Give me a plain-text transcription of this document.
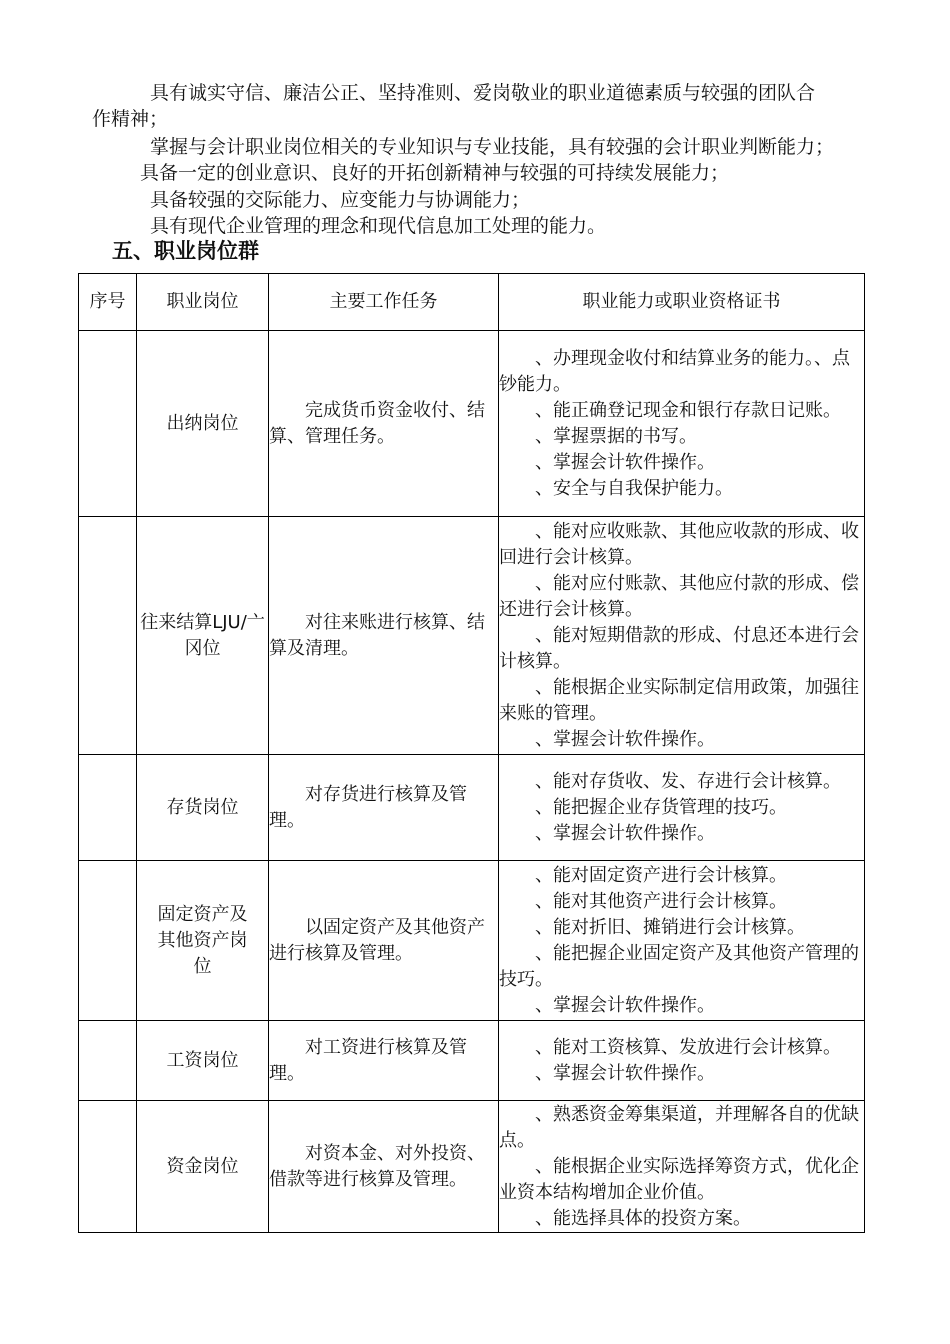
具有诚实守信、廉洁公正、坚持准则、爱岗敬业的职业道德素质与较强的团队合
作精神；
掌握与会计职业岗位相关的专业知识与专业技能，具有较强的会计职业判断能力；
具备一定的创业意识、良好的开拓创新精神与较强的可持续发展能力；
具备较强的交际能力、应变能力与协调能力；
具有现代企业管理的理念和现代信息加工处理的能力。
五、职业岗位群
序号	职业岗位	主要工作任务	职业能力或职业资格证书
	出纳岗位	完成货币资金收付、结算、管理任务。	、办理现金收付和结算业务的能力。、点钞能力。
、能正确登记现金和银行存款日记账。
、掌握票据的书写。
、掌握会计软件操作。
、安全与自我保护能力。

	往来结算LJU/亠冈位	对往来账进行核算、结算及清理。	、能对应收账款、其他应收款的形成、收回进行会计核算。
、能对应付账款、其他应付款的形成、偿还进行会计核算。
、能对短期借款的形成、付息还本进行会计核算。
、能根据企业实际制定信用政策，加强往来账的管理。
、掌握会计软件操作。

	存货岗位	对存货进行核算及管理。	、能对存货收、发、存进行会计核算。
、能把握企业存货管理的技巧。
、掌握会计软件操作。

	固定资产及其他资产岗位	以固定资产及其他资产进行核算及管理。	、能对固定资产进行会计核算。
、能对其他资产进行会计核算。
、能对折旧、摊销进行会计核算。
、能把握企业固定资产及其他资产管理的技巧。
、掌握会计软件操作。

	工资岗位	对工资进行核算及管理。	、能对工资核算、发放进行会计核算。
、掌握会计软件操作。

	资金岗位	对资本金、对外投资、借款等进行核算及管理。	、熟悉资金筹集渠道，并理解各自的优缺点。
、能根据企业实际选择筹资方式，优化企业资本结构增加企业价值。
、能选择具体的投资方案。
